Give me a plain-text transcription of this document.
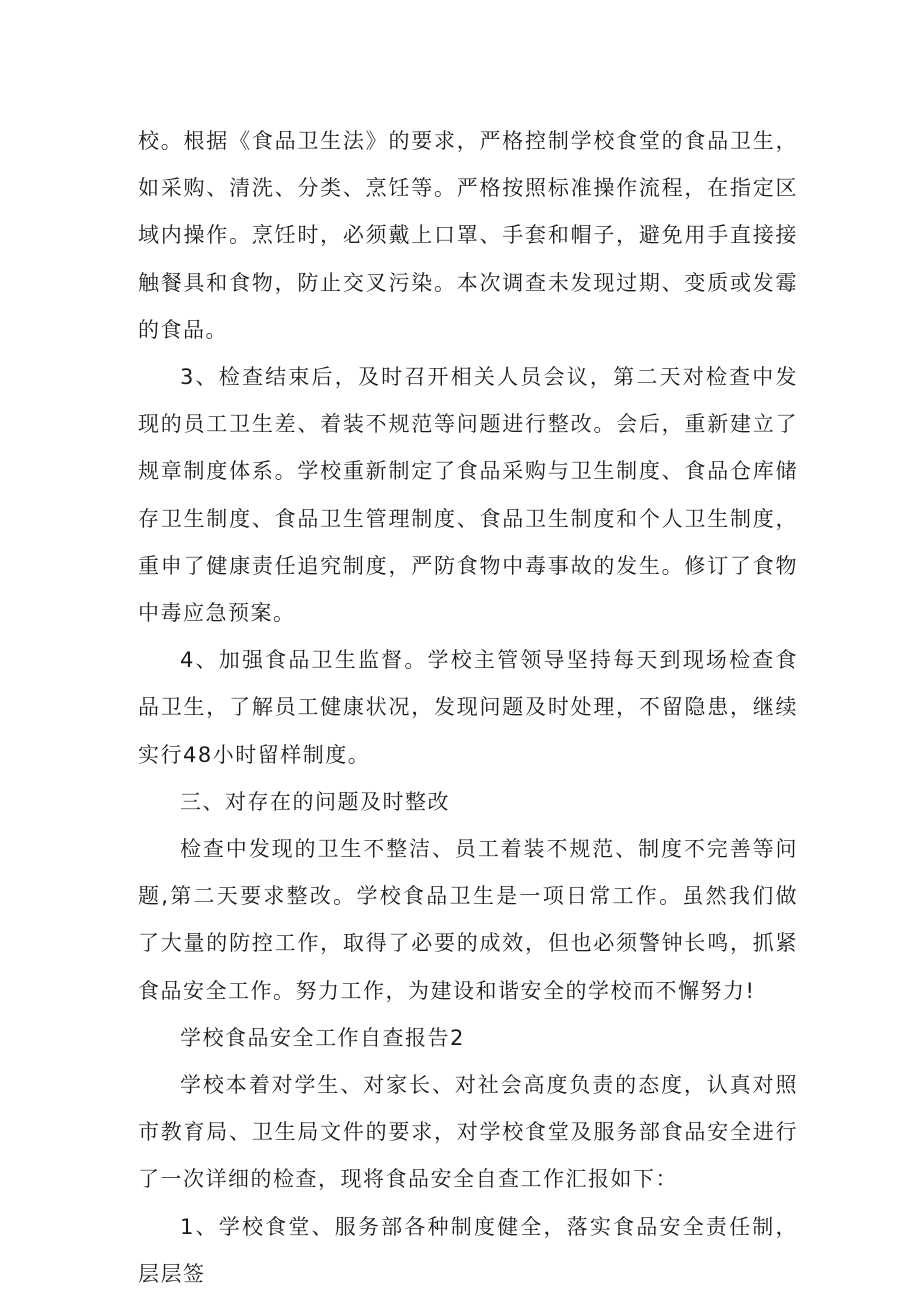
校。根据《食品卫生法》的要求，严格控制学校食堂的食品卫生，如采购、清洗、分类、烹饪等。严格按照标准操作流程，在指定区域内操作。烹饪时，必须戴上口罩、手套和帽子，避免用手直接接触餐具和食物，防止交叉污染。本次调查未发现过期、变质或发霉的食品。

3、检查结束后，及时召开相关人员会议，第二天对检查中发现的员工卫生差、着装不规范等问题进行整改。会后，重新建立了规章制度体系。学校重新制定了食品采购与卫生制度、食品仓库储存卫生制度、食品卫生管理制度、食品卫生制度和个人卫生制度，重申了健康责任追究制度，严防食物中毒事故的发生。修订了食物中毒应急预案。

4、加强食品卫生监督。学校主管领导坚持每天到现场检查食品卫生，了解员工健康状况，发现问题及时处理，不留隐患，继续实行48小时留样制度。

三、对存在的问题及时整改

检查中发现的卫生不整洁、员工着装不规范、制度不完善等问题,第二天要求整改。学校食品卫生是一项日常工作。虽然我们做了大量的防控工作，取得了必要的成效，但也必须警钟长鸣，抓紧食品安全工作。努力工作，为建设和谐安全的学校而不懈努力!

学校食品安全工作自查报告2

学校本着对学生、对家长、对社会高度负责的态度，认真对照市教育局、卫生局文件的要求，对学校食堂及服务部食品安全进行了一次详细的检查，现将食品安全自查工作汇报如下：

1、学校食堂、服务部各种制度健全，落实食品安全责任制，层层签
